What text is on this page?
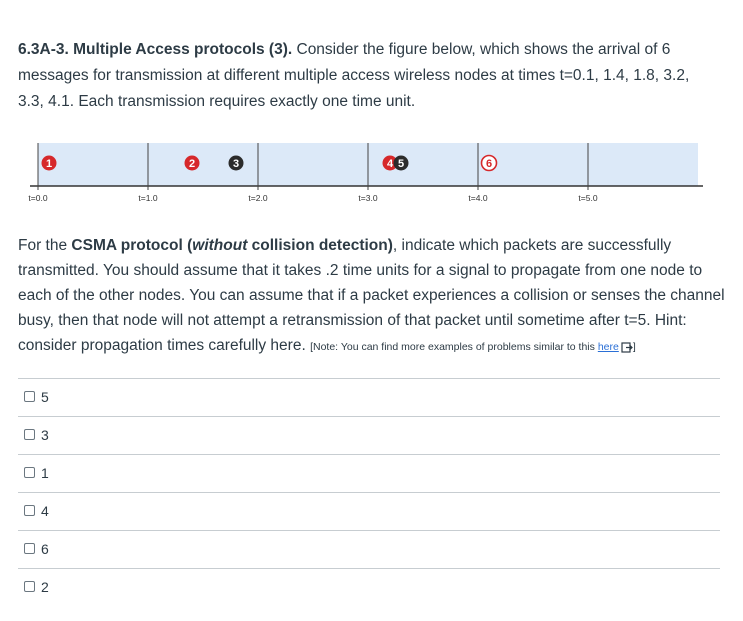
6.3A-3. Multiple Access protocols (3). Consider the figure below, which shows the arrival of 6 messages for transmission at different multiple access wireless nodes at times t=0.1, 1.4, 1.8, 3.2, 3.3, 4.1. Each transmission requires exactly one time unit.

t=0.0	t=1.0	t=2.0	t=3.0	t=4.0	t=5.0
1	2	3	4 5	6

For the CSMA protocol (without collision detection), indicate which packets are successfully transmitted. You should assume that it takes .2 time units for a signal to propagate from one node to each of the other nodes. You can assume that if a packet experiences a collision or senses the channel busy, then that node will not attempt a retransmission of that packet until sometime after t=5. Hint: consider propagation times carefully here. [Note: You can find more examples of problems similar to this here ]

5
3
1
4
6
2
